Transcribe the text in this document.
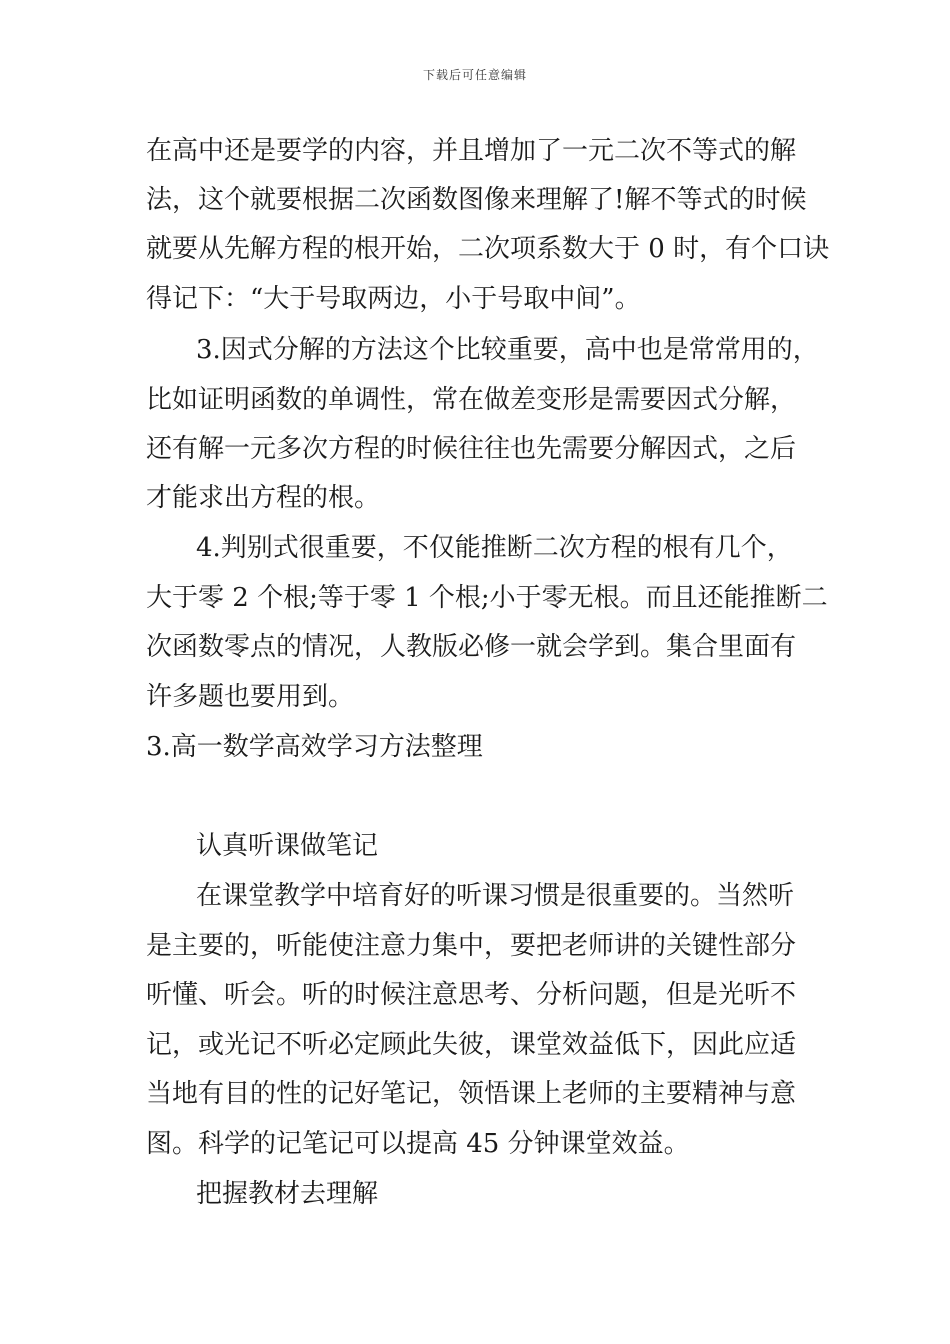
下载后可任意编辑
在高中还是要学的内容，并且增加了一元二次不等式的解
法，这个就要根据二次函数图像来理解了!解不等式的时候
就要从先解方程的根开始，二次项系数大于 0 时，有个口诀
得记下：“大于号取两边，小于号取中间”。
3.因式分解的方法这个比较重要，高中也是常常用的，
比如证明函数的单调性，常在做差变形是需要因式分解，
还有解一元多次方程的时候往往也先需要分解因式，之后
才能求出方程的根。
4.判别式很重要，不仅能推断二次方程的根有几个，
大于零 2 个根;等于零 1 个根;小于零无根。而且还能推断二
次函数零点的情况，人教版必修一就会学到。集合里面有
许多题也要用到。
3.高一数学高效学习方法整理
认真听课做笔记
在课堂教学中培育好的听课习惯是很重要的。当然听
是主要的，听能使注意力集中，要把老师讲的关键性部分
听懂、听会。听的时候注意思考、分析问题，但是光听不
记，或光记不听必定顾此失彼，课堂效益低下，因此应适
当地有目的性的记好笔记，领悟课上老师的主要精神与意
图。科学的记笔记可以提高 45 分钟课堂效益。
把握教材去理解
